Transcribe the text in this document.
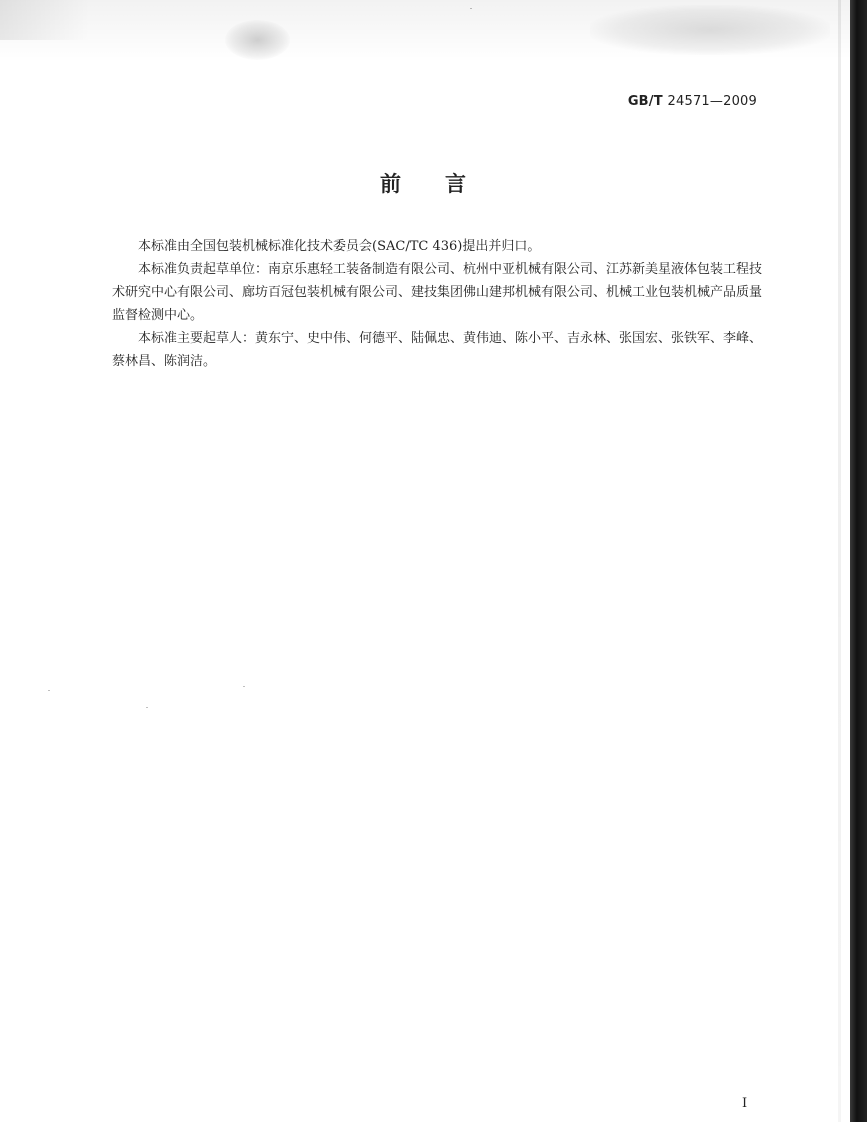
GB/T 24571—2009
前言

本标准由全国包装机械标准化技术委员会(SAC/TC 436)提出并归口。

本标准负责起草单位：南京乐惠轻工装备制造有限公司、杭州中亚机械有限公司、江苏新美星液体包装工程技术研究中心有限公司、廊坊百冠包装机械有限公司、建技集团佛山建邦机械有限公司、机械工业包装机械产品质量监督检测中心。

本标准主要起草人：黄东宁、史中伟、何德平、陆佩忠、黄伟迪、陈小平、吉永林、张国宏、张铁军、李峰、蔡林昌、陈润洁。

I
